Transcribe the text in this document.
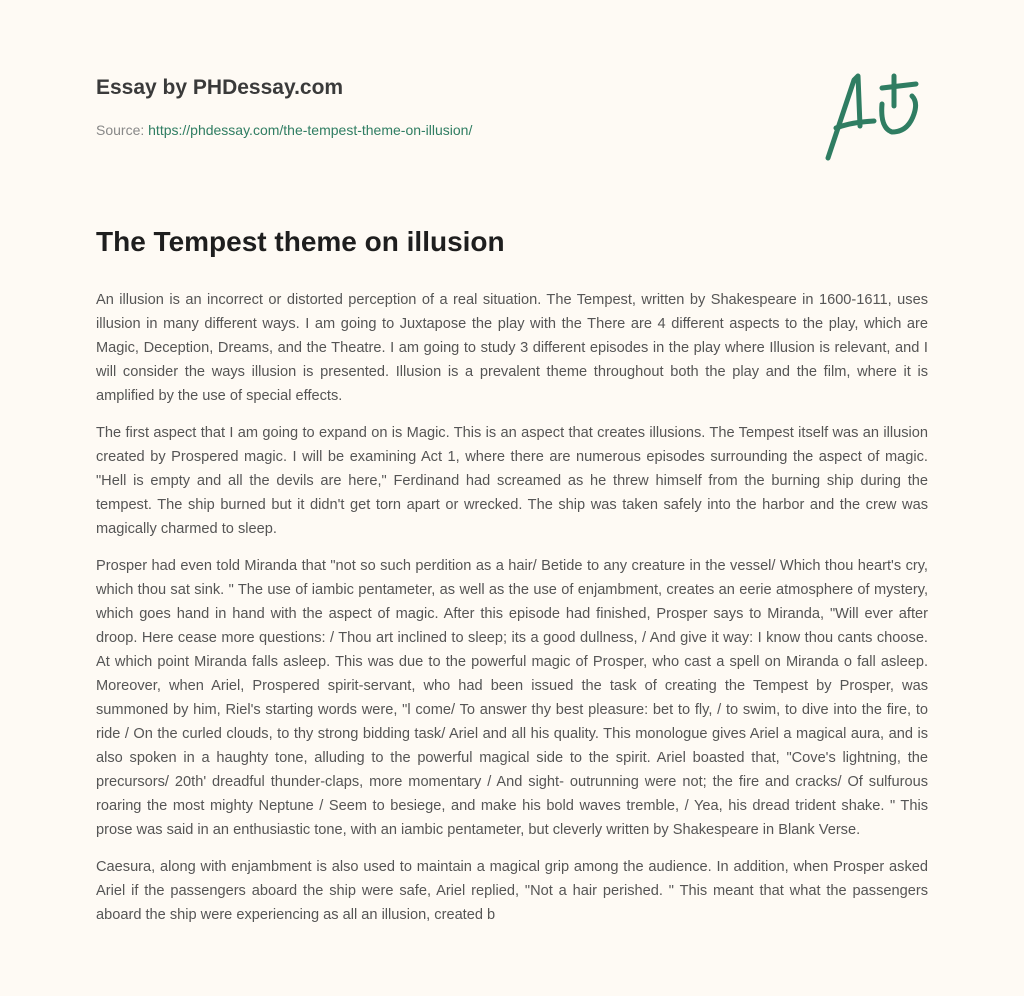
Essay by PHDessay.com
Source: https://phdessay.com/the-tempest-theme-on-illusion/
The Tempest theme on illusion

An illusion is an incorrect or distorted perception of a real situation. The Tempest, written by Shakespeare in 1600-1611, uses illusion in many different ways. I am going to Juxtapose the play with the There are 4 different aspects to the play, which are Magic, Deception, Dreams, and the Theatre. I am going to study 3 different episodes in the play where Illusion is relevant, and I will consider the ways illusion is presented. Illusion is a prevalent theme throughout both the play and the film, where it is amplified by the use of special effects.

The first aspect that I am going to expand on is Magic. This is an aspect that creates illusions. The Tempest itself was an illusion created by Prospered magic. I will be examining Act 1, where there are numerous episodes surrounding the aspect of magic. "Hell is empty and all the devils are here," Ferdinand had screamed as he threw himself from the burning ship during the tempest. The ship burned but it didn't get torn apart or wrecked. The ship was taken safely into the harbor and the crew was magically charmed to sleep.

Prosper had even told Miranda that "not so such perdition as a hair/ Betide to any creature in the vessel/ Which thou heart's cry, which thou sat sink. " The use of iambic pentameter, as well as the use of enjambment, creates an eerie atmosphere of mystery, which goes hand in hand with the aspect of magic. After this episode had finished, Prosper says to Miranda, "Will ever after droop. Here cease more questions: / Thou art inclined to sleep; its a good dullness, / And give it way: I know thou cants choose. At which point Miranda falls asleep. This was due to the powerful magic of Prosper, who cast a spell on Miranda o fall asleep. Moreover, when Ariel, Prospered spirit-servant, who had been issued the task of creating the Tempest by Prosper, was summoned by him, Riel's starting words were, "l come/ To answer thy best pleasure: bet to fly, / to swim, to dive into the fire, to ride / On the curled clouds, to thy strong bidding task/ Ariel and all his quality. This monologue gives Ariel a magical aura, and is also spoken in a haughty tone, alluding to the powerful magical side to the spirit. Ariel boasted that, "Cove's lightning, the precursors/ 20th' dreadful thunder-claps, more momentary / And sight- outrunning were not; the fire and cracks/ Of sulfurous roaring the most mighty Neptune / Seem to besiege, and make his bold waves tremble, / Yea, his dread trident shake. " This prose was said in an enthusiastic tone, with an iambic pentameter, but cleverly written by Shakespeare in Blank Verse.

Caesura, along with enjambment is also used to maintain a magical grip among the audience. In addition, when Prosper asked Ariel if the passengers aboard the ship were safe, Ariel replied, "Not a hair perished. " This meant that what the passengers aboard the ship were experiencing as all an illusion, created b
